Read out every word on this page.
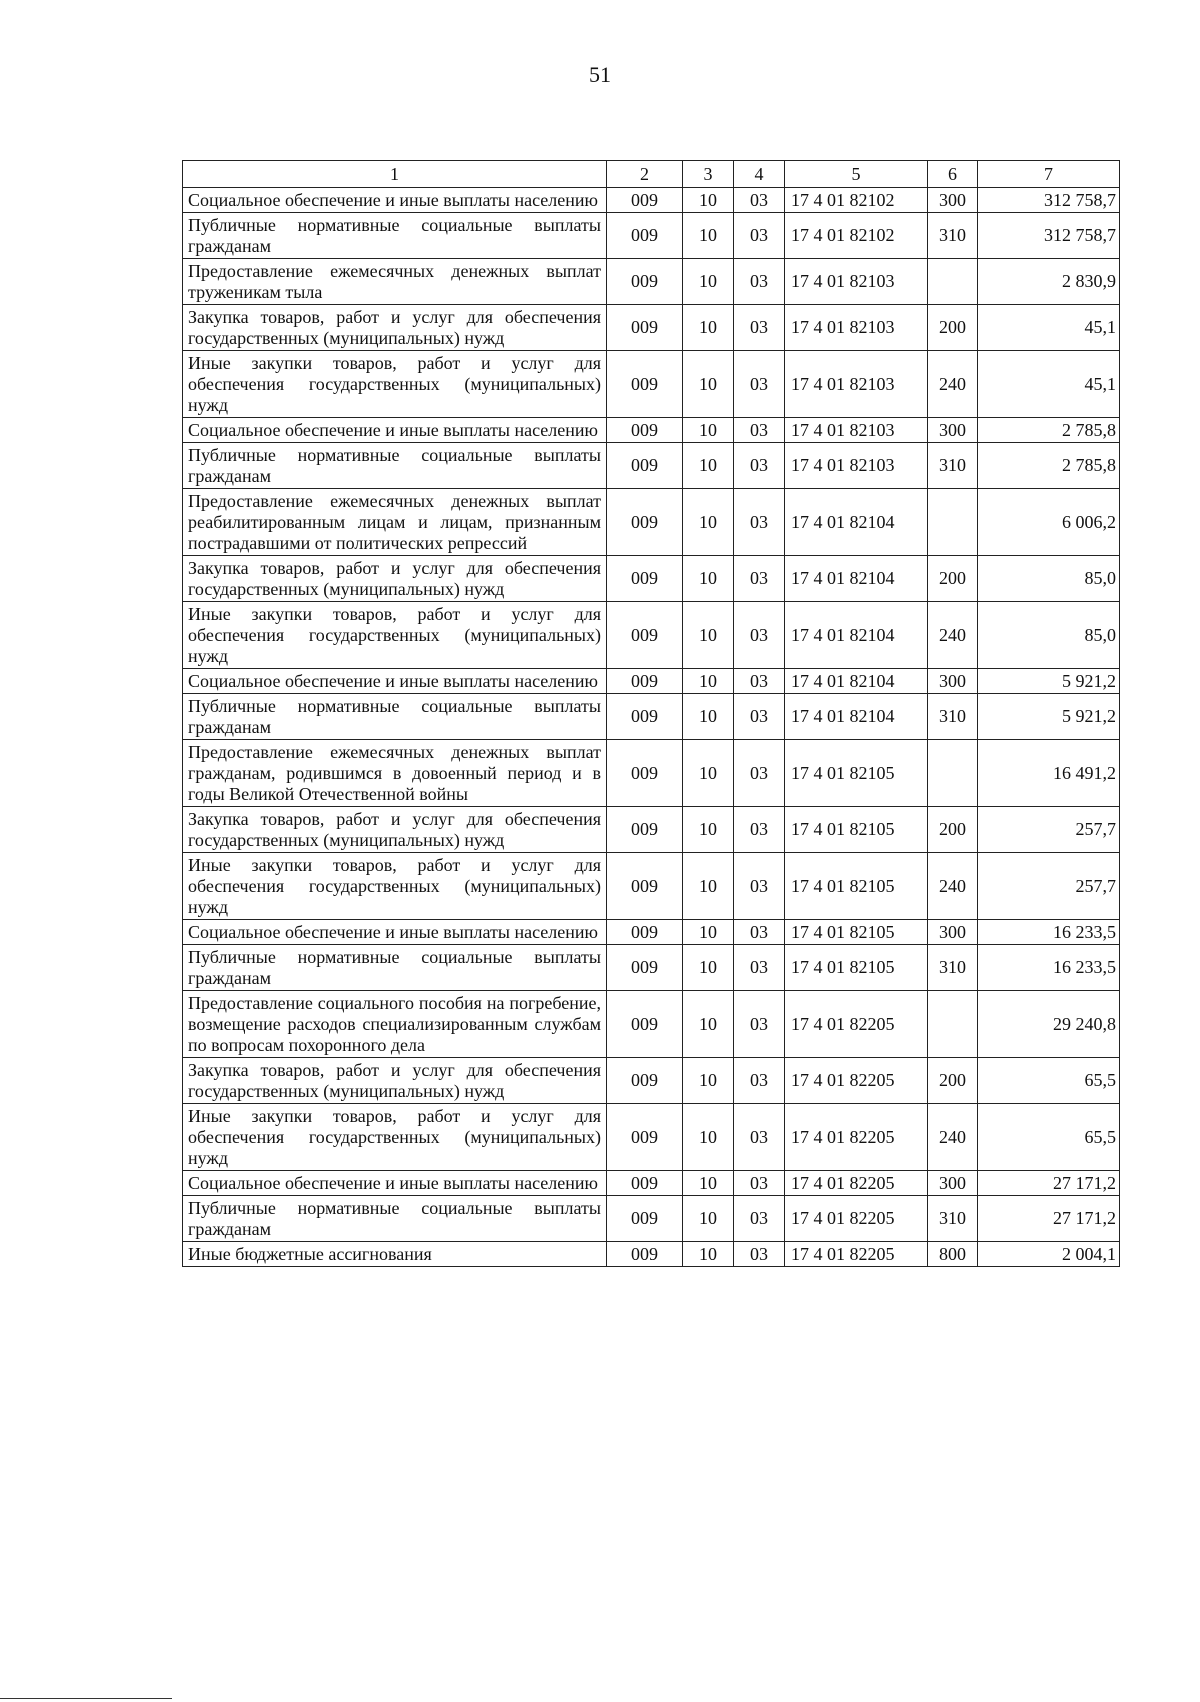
51
1	2	3	4	5	6	7
Социальное обеспечение и иные выплаты населению	009	10	03	17 4 01 82102	300	312 758,7
Публичные нормативные социальные выплаты гражданам	009	10	03	17 4 01 82102	310	312 758,7
Предоставление ежемесячных денежных выплат труженикам тыла	009	10	03	17 4 01 82103		2 830,9
Закупка товаров, работ и услуг для обеспечения государственных (муниципальных) нужд	009	10	03	17 4 01 82103	200	45,1
Иные закупки товаров, работ и услуг для обеспечения государственных (муниципальных) нужд	009	10	03	17 4 01 82103	240	45,1
Социальное обеспечение и иные выплаты населению	009	10	03	17 4 01 82103	300	2 785,8
Публичные нормативные социальные выплаты гражданам	009	10	03	17 4 01 82103	310	2 785,8
Предоставление ежемесячных денежных выплат реабилитированным лицам и лицам, признанным пострадавшими от политических репрессий	009	10	03	17 4 01 82104		6 006,2
Закупка товаров, работ и услуг для обеспечения государственных (муниципальных) нужд	009	10	03	17 4 01 82104	200	85,0
Иные закупки товаров, работ и услуг для обеспечения государственных (муниципальных) нужд	009	10	03	17 4 01 82104	240	85,0
Социальное обеспечение и иные выплаты населению	009	10	03	17 4 01 82104	300	5 921,2
Публичные нормативные социальные выплаты гражданам	009	10	03	17 4 01 82104	310	5 921,2
Предоставление ежемесячных денежных выплат гражданам, родившимся в довоенный период и в годы Великой Отечественной войны	009	10	03	17 4 01 82105		16 491,2
Закупка товаров, работ и услуг для обеспечения государственных (муниципальных) нужд	009	10	03	17 4 01 82105	200	257,7
Иные закупки товаров, работ и услуг для обеспечения государственных (муниципальных) нужд	009	10	03	17 4 01 82105	240	257,7
Социальное обеспечение и иные выплаты населению	009	10	03	17 4 01 82105	300	16 233,5
Публичные нормативные социальные выплаты гражданам	009	10	03	17 4 01 82105	310	16 233,5
Предоставление социального пособия на погребение, возмещение расходов специализированным службам по вопросам похоронного дела	009	10	03	17 4 01 82205		29 240,8
Закупка товаров, работ и услуг для обеспечения государственных (муниципальных) нужд	009	10	03	17 4 01 82205	200	65,5
Иные закупки товаров, работ и услуг для обеспечения государственных (муниципальных) нужд	009	10	03	17 4 01 82205	240	65,5
Социальное обеспечение и иные выплаты населению	009	10	03	17 4 01 82205	300	27 171,2
Публичные нормативные социальные выплаты гражданам	009	10	03	17 4 01 82205	310	27 171,2
Иные бюджетные ассигнования	009	10	03	17 4 01 82205	800	2 004,1
